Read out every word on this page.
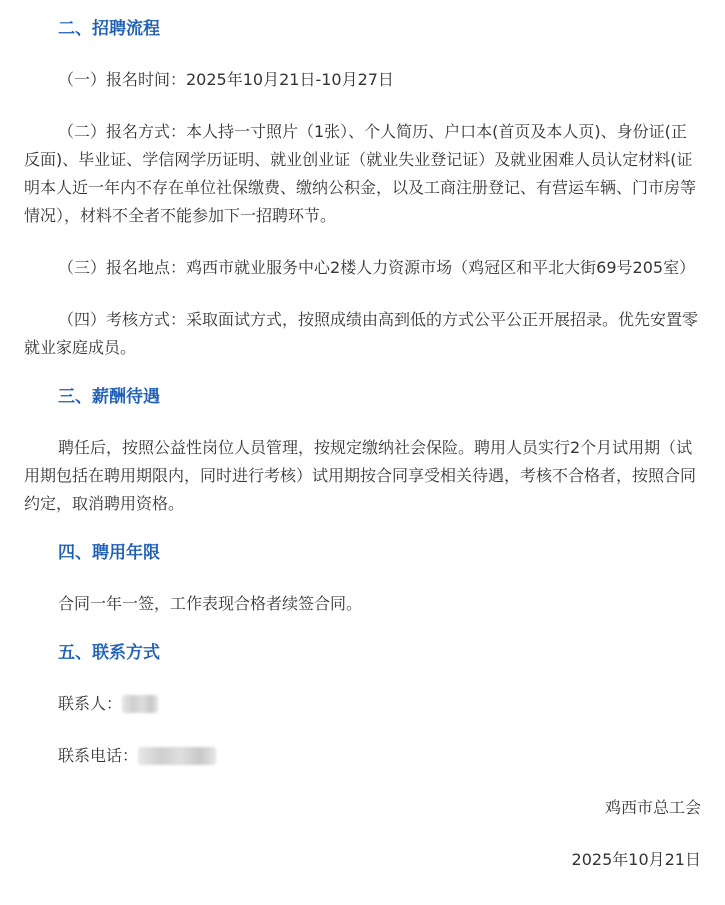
二、招聘流程

（一）报名时间：2025年10月21日-10月27日

（二）报名方式：本人持一寸照片（1张）、个人简历、户口本(首页及本人页)、身份证(正反面)、毕业证、学信网学历证明、就业创业证（就业失业登记证）及就业困难人员认定材料(证明本人近一年内不存在单位社保缴费、缴纳公积金，以及工商注册登记、有营运车辆、门市房等情况），材料不全者不能参加下一招聘环节。

（三）报名地点：鸡西市就业服务中心2楼人力资源市场（鸡冠区和平北大街69号205室）

（四）考核方式：采取面试方式，按照成绩由高到低的方式公平公正开展招录。优先安置零就业家庭成员。

三、薪酬待遇

聘任后，按照公益性岗位人员管理，按规定缴纳社会保险。聘用人员实行2个月试用期（试用期包括在聘用期限内，同时进行考核）试用期按合同享受相关待遇，考核不合格者，按照合同约定，取消聘用资格。

四、聘用年限

合同一年一签，工作表现合格者续签合同。

五、联系方式
联系人：
联系电话：

鸡西市总工会

2025年10月21日
